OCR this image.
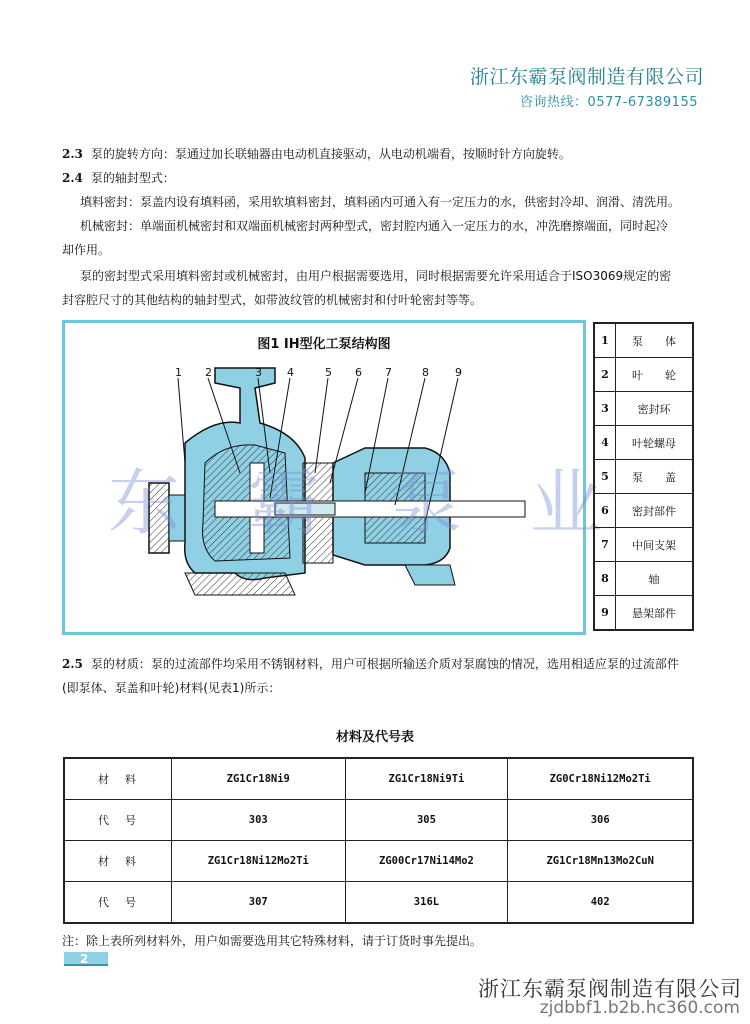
浙江东霸泵阀制造有限公司
咨询热线：0577-67389155
2.3 泵的旋转方向：泵通过加长联轴器由电动机直接驱动，从电动机端看，按顺时针方向旋转。
2.4 泵的轴封型式：
填料密封：泵盖内设有填料函，采用软填料密封，填料函内可通入有一定压力的水，供密封冷却、润滑、清洗用。
机械密封：单端面机械密封和双端面机械密封两种型式，密封腔内通入一定压力的水，冲洗磨擦端面，同时起冷
却作用。
泵的密封型式采用填料密封或机械密封，由用户根据需要选用，同时根据需要允许采用适合于ISO3069规定的密
封容腔尺寸的其他结构的轴封型式，如带波纹管的机械密封和付叶轮密封等等。
图1 IH型化工泵结构图
1 2	3 4	5 6 7	8 9
东 霸 泵 业
1	泵　　体
2	叶　　轮
3	密封环
4	叶轮螺母
5	泵　　盖
6	密封部件
7	中间支架
8	轴
9	悬架部件
2.5 泵的材质：泵的过流部件均采用不锈钢材料，用户可根据所输送介质对泵腐蚀的情况，选用相适应泵的过流部件
(即泵体、泵盖和叶轮)材料(见表1)所示：
材料及代号表
材料	ZG1Cr18Ni9	ZG1Cr18Ni9Ti	ZG0Cr18Ni12Mo2Ti
代号	303	305	306
材料	ZG1Cr18Ni12Mo2Ti	ZG00Cr17Ni14Mo2	ZG1Cr18Mn13Mo2CuN
代号	307	316L	402
注：除上表所列材料外，用户如需要选用其它特殊材料，请于订货时事先提出。
2
浙江东霸泵阀制造有限公司
zjdbbf1.b2b.hc360.com
